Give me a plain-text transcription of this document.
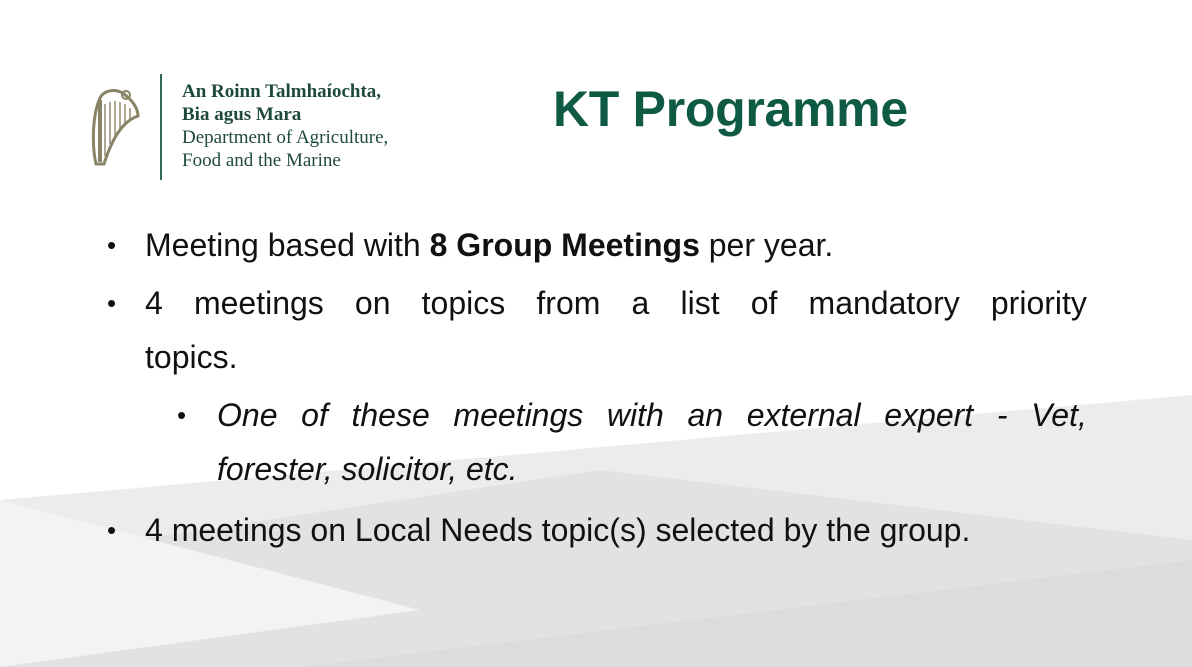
An Roinn Talmhaíochta,
Bia agus Mara
Department of Agriculture,
Food and the Marine
KT Programme
• Meeting based with 8 Group Meetings per year.
• 4 meetings on topics from a list of mandatory priority
topics.
• One of these meetings with an external expert - Vet,
forester, solicitor, etc.
• 4 meetings on Local Needs topic(s) selected by the group.
